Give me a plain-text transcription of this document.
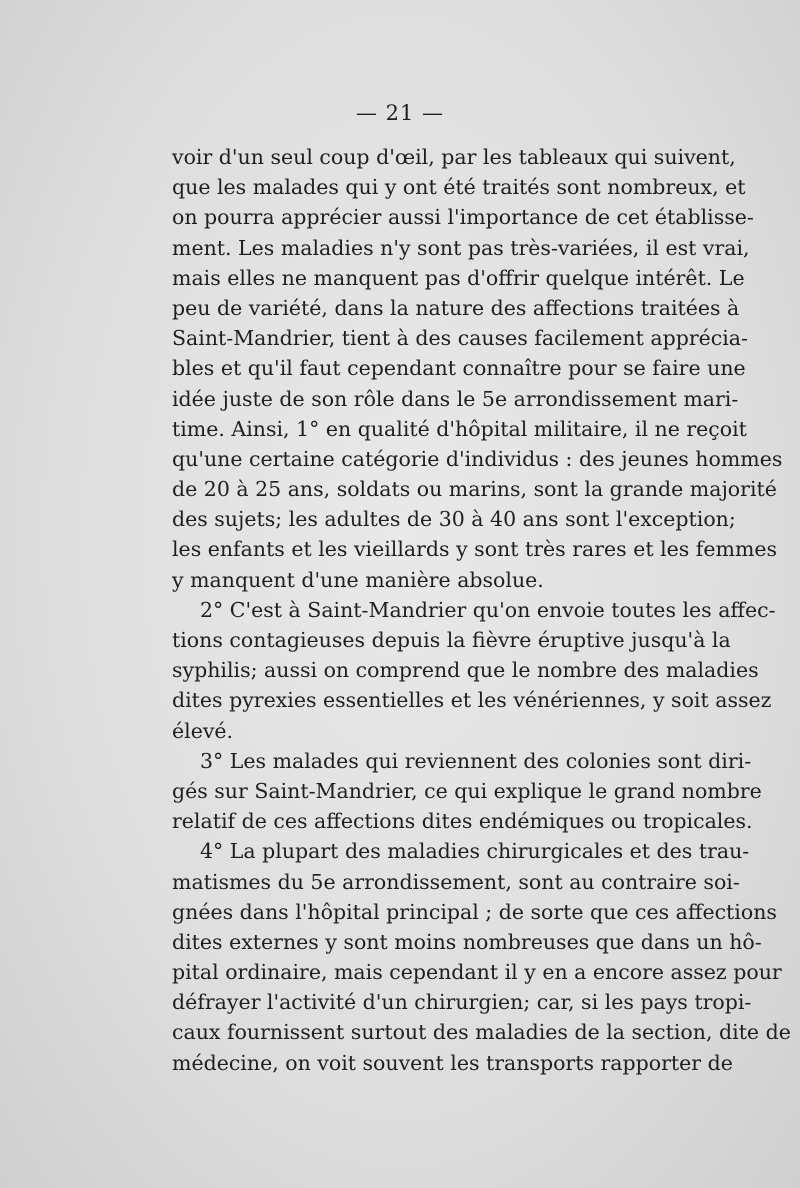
— 21 —
voir d'un seul coup d'œil, par les tableaux qui suivent,
que les malades qui y ont été traités sont nombreux, et
on pourra apprécier aussi l'importance de cet établisse-
ment. Les maladies n'y sont pas très-variées, il est vrai,
mais elles ne manquent pas d'offrir quelque intérêt. Le
peu de variété, dans la nature des affections traitées à
Saint-Mandrier, tient à des causes facilement apprécia-
bles et qu'il faut cependant connaître pour se faire une
idée juste de son rôle dans le 5e arrondissement mari-
time. Ainsi, 1° en qualité d'hôpital militaire, il ne reçoit
qu'une certaine catégorie d'individus : des jeunes hommes
de 20 à 25 ans, soldats ou marins, sont la grande majorité
des sujets; les adultes de 30 à 40 ans sont l'exception;
les enfants et les vieillards y sont très rares et les femmes
y manquent d'une manière absolue.
2° C'est à Saint-Mandrier qu'on envoie toutes les affec-
tions contagieuses depuis la fièvre éruptive jusqu'à la
syphilis; aussi on comprend que le nombre des maladies
dites pyrexies essentielles et les vénériennes, y soit assez
élevé.
3° Les malades qui reviennent des colonies sont diri-
gés sur Saint-Mandrier, ce qui explique le grand nombre
relatif de ces affections dites endémiques ou tropicales.
4° La plupart des maladies chirurgicales et des trau-
matismes du 5e arrondissement, sont au contraire soi-
gnées dans l'hôpital principal ; de sorte que ces affections
dites externes y sont moins nombreuses que dans un hô-
pital ordinaire, mais cependant il y en a encore assez pour
défrayer l'activité d'un chirurgien; car, si les pays tropi-
caux fournissent surtout des maladies de la section, dite de
médecine, on voit souvent les transports rapporter de
